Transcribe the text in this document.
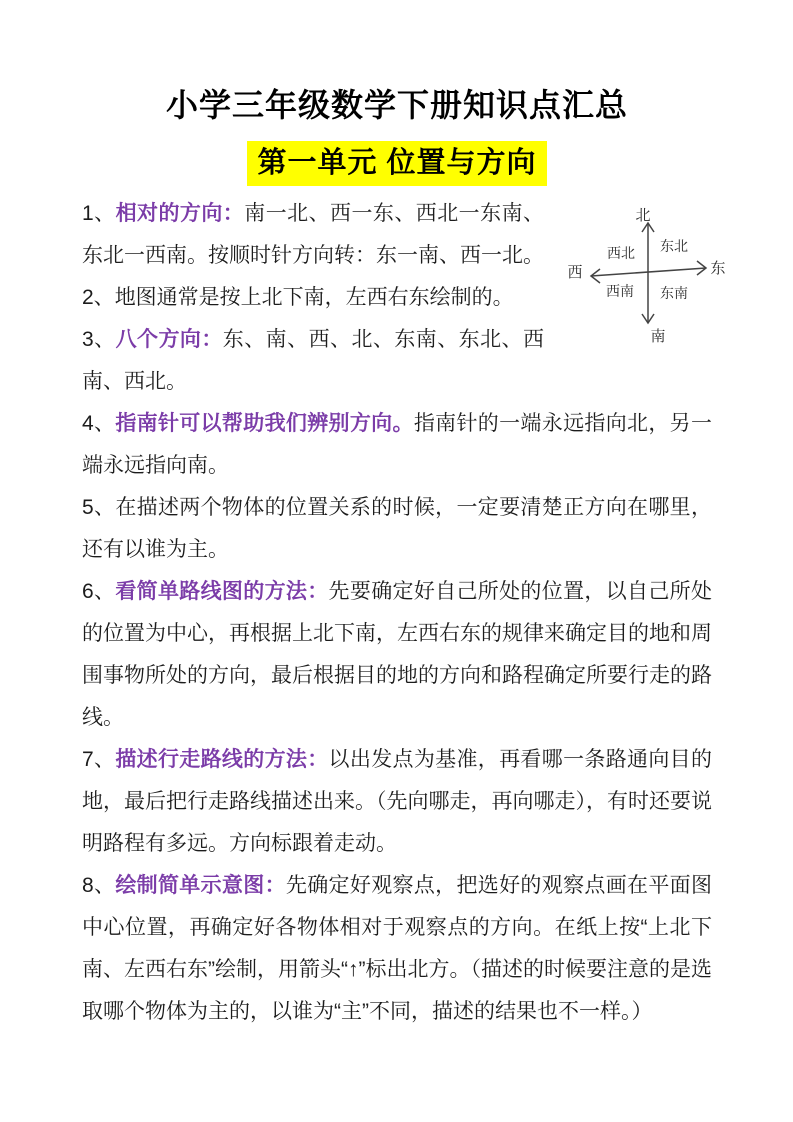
小学三年级数学下册知识点汇总
第一单元 位置与方向
北
南
西	东
西北 东北
西南 东南

1、相对的方向：南一北、西一东、西北一东南、东北一西南。按顺时针方向转：东一南、西一北。

2、地图通常是按上北下南，左西右东绘制的。

3、八个方向：东、南、西、北、东南、东北、西南、西北。

4、指南针可以帮助我们辨别方向。指南针的一端永远指向北，另一端永远指向南。

5、在描述两个物体的位置关系的时候，一定要清楚正方向在哪里，还有以谁为主。

6、看简单路线图的方法：先要确定好自己所处的位置，以自己所处的位置为中心，再根据上北下南，左西右东的规律来确定目的地和周围事物所处的方向，最后根据目的地的方向和路程确定所要行走的路线。

7、描述行走路线的方法：以出发点为基准，再看哪一条路通向目的地，最后把行走路线描述出来。（先向哪走，再向哪走），有时还要说明路程有多远。方向标跟着走动。

8、绘制简单示意图：先确定好观察点，把选好的观察点画在平面图中心位置，再确定好各物体相对于观察点的方向。在纸上按“上北下南、左西右东”绘制，用箭头“↑”标出北方。（描述的时候要注意的是选取哪个物体为主的，以谁为“主”不同，描述的结果也不一样。）
